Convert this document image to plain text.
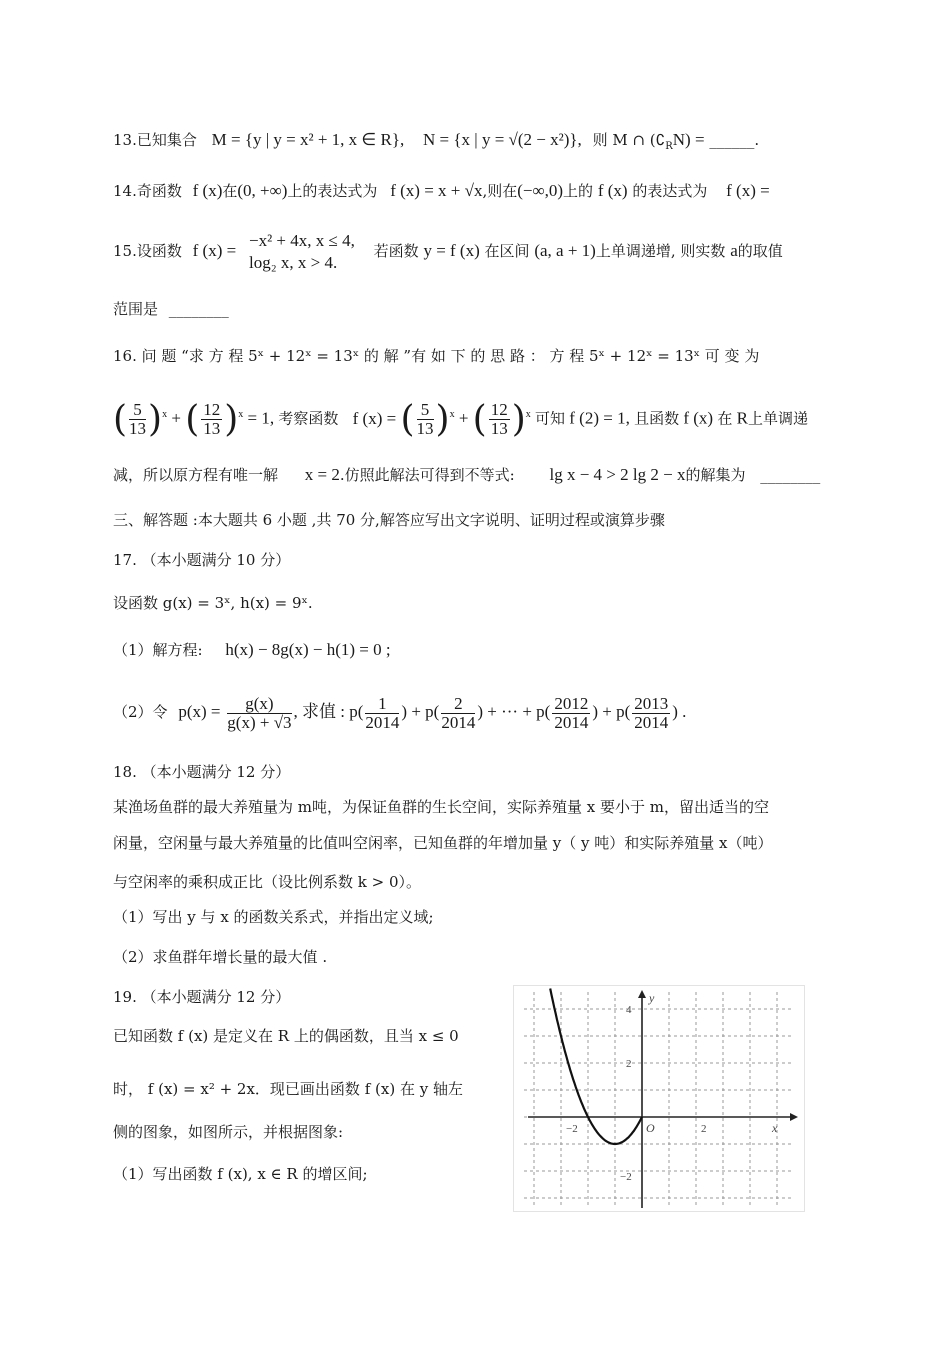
13.已知集合 M = {y | y = x² + 1, x ∈ R}, N = {x | y = √(2 − x²)}, 则 M ∩ $(∁_RN)$ = ______.
14.奇函数 f (x)在(0, +∞)上的表达式为 f (x) = x + √x,则在(−∞,0)上的 f (x) 的表达式为 f (x) =
15.设函数 f (x) =
−x² + 4x, x ≤ 4,
log₂ x, x > 4.
若函数 y = f (x) 在区间 (a, a + 1)上单调递增, 则实数 a的取值
范围是 ________
16. 问 题 “求 方 程 5ˣ + 12ˣ = 13ˣ 的 解 ”有 如 下 的 思 路 ： 方 程 5ˣ + 12ˣ = 13ˣ 可 变 为
( $\frac{5}{13} )^x$ + ( $\frac{12}{13} )^x = 1$, 考察函数 f (x) = ( $\frac{5}{13} )^x$ + ( $\frac{12}{13} )^x$ 可知 f (2) = 1, 且函数 f (x) 在 R上单调递
减，所以原方程有唯一解 x = 2.仿照此解法可得到不等式: lg x − 4 > 2 lg 2 − x的解集为 ________
三、解答题 :本大题共 6 小题 ,共 70 分,解答应写出文字说明、证明过程或演算步骤
17. （本小题满分 10 分）
设函数 g(x) = 3ˣ, h(x) = 9ˣ.
（1）解方程: h(x) − 8g(x) − h(1) = 0 ;
（2）令 $p(x) = \frac{g(x)}{g(x) + √3}$ , 求值 : $p( \frac{1}{2014}$ ) + $p( \frac{2}{2014}$ ) + ··· + $p( \frac{2012}{2014}$ ) + $p( \frac{2013}{2014}$ ) .
18. （本小题满分 12 分）
某渔场鱼群的最大养殖量为 m吨，为保证鱼群的生长空间，实际养殖量 x 要小于 m，留出适当的空
闲量，空闲量与最大养殖量的比值叫空闲率，已知鱼群的年增加量 y（ y 吨）和实际养殖量 x（吨）
与空闲率的乘积成正比（设比例系数 k > 0）。
（1）写出 y 与 x 的函数关系式，并指出定义域;
（2）求鱼群年增长量的最大值 .
19. （本小题满分 12 分）
已知函数 f (x) 是定义在 R 上的偶函数，且当 x ≤ 0
时， f (x) = x² + 2x．现已画出函数 f (x) 在 y 轴左
侧的图象，如图所示，并根据图象:
（1）写出函数 f (x), x ∈ R 的增区间;
x
y
O
−2	2
4
2
−2
